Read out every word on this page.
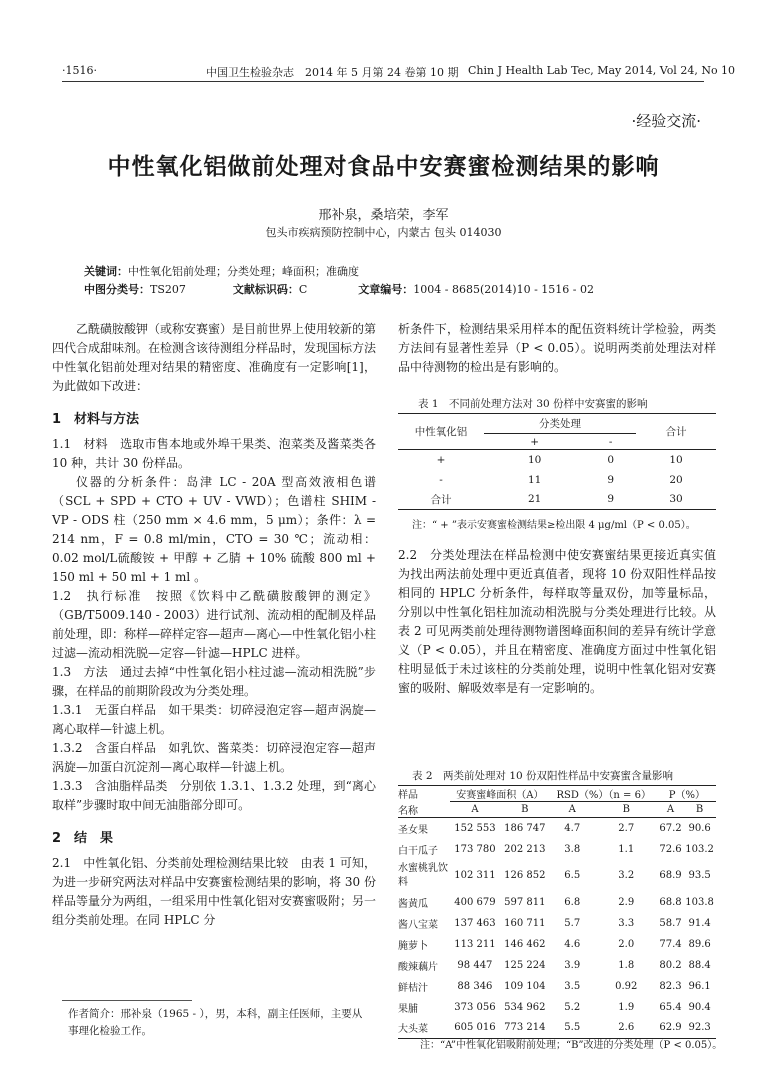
·1516·	中国卫生检验杂志　2014 年 5 月第 24 卷第 10 期 Chin J Health Lab Tec, May 2014, Vol 24, No 10
·经验交流·
中性氧化铝做前处理对食品中安赛蜜检测结果的影响
邢补泉，桑培荣，李军
包头市疾病预防控制中心，内蒙古 包头 014030
关键词：中性氧化铝前处理；分类处理；峰面积；准确度
中图分类号：TS207	文献标识码：C	文章编号：1004 - 8685(2014)10 - 1516 - 02

乙酰磺胺酸钾（或称安赛蜜）是目前世界上使用较新的第四代合成甜味剂。在检测含该待测组分样品时，发现国标方法中性氧化铝前处理对结果的精密度、准确度有一定影响[1]，为此做如下改进：

1　材料与方法

1.1　材料　选取市售本地或外埠干果类、泡菜类及酱菜类各 10 种，共计 30 份样品。

仪器的分析条件：岛津 LC - 20A 型高效液相色谱（SCL + SPD + CTO + UV - VWD）；色谱柱 SHIM - VP - ODS 柱（250 mm × 4.6 mm，5 μm）；条件：λ = 214 nm，F = 0.8 ml/min，CTO = 30 ℃；流动相：0.02 mol/L硫酸铵 + 甲醇 + 乙腈 + 10% 硫酸 800 ml + 150 ml + 50 ml + 1 ml 。

1.2　执行标准　按照《饮料中乙酰磺胺酸钾的测定》（GB/T5009.140 - 2003）进行试剂、流动相的配制及样品前处理，即：称样—碎样定容—超声—离心—中性氧化铝小柱过滤—流动相洗脱—定容—针滤—HPLC 进样。

1.3　方法　通过去掉“中性氧化铝小柱过滤—流动相洗脱”步骤，在样品的前期阶段改为分类处理。

1.3.1　无蛋白样品　如干果类：切碎浸泡定容—超声涡旋—离心取样—针滤上机。

1.3.2　含蛋白样品　如乳饮、酱菜类：切碎浸泡定容—超声涡旋—加蛋白沉淀剂—离心取样—针滤上机。

1.3.3　含油脂样品类　分别依 1.3.1、1.3.2 处理，到“离心取样”步骤时取中间无油脂部分即可。

2　结　果

2.1　中性氧化铝、分类前处理检测结果比较　由表 1 可知，为进一步研究两法对样品中安赛蜜检测结果的影响，将 30 份样品等量分为两组，一组采用中性氧化铝对安赛蜜吸附；另一组分类前处理。在同 HPLC 分

作者简介：邢补泉（1965 - ），男，本科，副主任医师，主要从事理化检验工作。

析条件下，检测结果采用样本的配伍资料统计学检验，两类方法间有显著性差异（P < 0.05）。说明两类前处理法对样品中待测物的检出是有影响的。

表 1　不同前处理方法对 30 份样中安赛蜜的影响
中性氧化铝	分类处理		合计
	+	-	
+	10	0	10
-	11	9	20
合计	21	9	30
注：“ + ”表示安赛蜜检测结果≥检出限 4 μg/ml（P < 0.05）。

2.2　分类处理法在样品检测中使安赛蜜结果更接近真实值　为找出两法前处理中更近真值者，现将 10 份双阳性样品按相同的 HPLC 分析条件，每样取等量双份，加等量标品，分别以中性氧化铝柱加流动相洗脱与分类处理进行比较。从表 2 可见两类前处理待测物谱图峰面积间的差异有统计学意义（P < 0.05），并且在精密度、准确度方面过中性氧化铝柱明显低于未过该柱的分类前处理，说明中性氧化铝对安赛蜜的吸附、解吸效率是有一定影响的。

表 2　两类前处理对 10 份双阳性样品中安赛蜜含量影响
样品	安赛蜜峰面积（A）		RSD（%）（n = 6）		P（%）	
名称	A	B	A	B	A	B
圣女果	152 553	186 747	4.7	2.7	67.2	90.6
白干瓜子	173 780	202 213	3.8	1.1	72.6	103.2
水蜜桃乳饮料	102 311	126 852	6.5	3.2	68.9	93.5
酱黄瓜	400 679	597 811	6.8	2.9	68.8	103.8
酱八宝菜	137 463	160 711	5.7	3.3	58.7	91.4
腌萝卜	113 211	146 462	4.6	2.0	77.4	89.6
酸辣藕片	98 447	125 224	3.9	1.8	80.2	88.4
鲜桔汁	88 346	109 104	3.5	0.92	82.3	96.1
果脯	373 056	534 962	5.2	1.9	65.4	90.4
大头菜	605 016	773 214	5.5	2.6	62.9	92.3
注：“A”中性氧化铝吸附前处理；“B”改进的分类处理（P < 0.05）。
